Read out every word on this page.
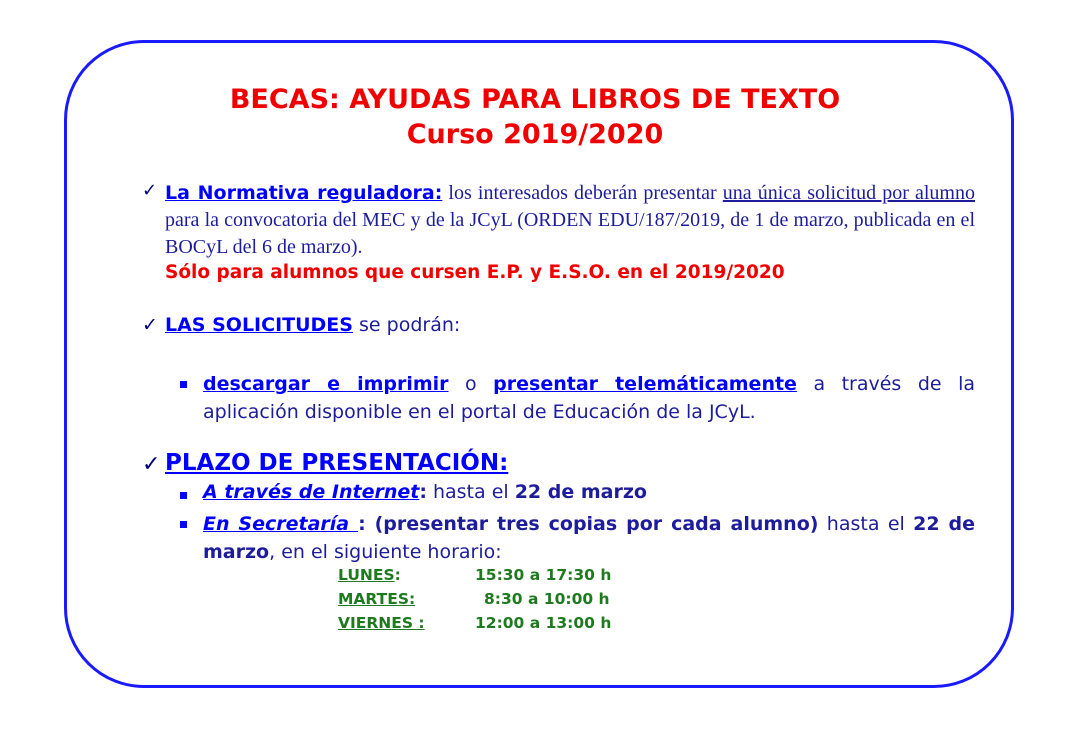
BECAS: AYUDAS PARA LIBROS DE TEXTO
Curso 2019/2020
✓ La Normativa reguladora: los interesados deberán presentar una única solicitud por alumno para la convocatoria del MEC y de la JCyL (ORDEN EDU/187/2019, de 1 de marzo, publicada en el BOCyL del 6 de marzo).
Sólo para alumnos que cursen E.P. y E.S.O. en el 2019/2020
✓ LAS SOLICITUDES se podrán:
descargar e imprimir o presentar telemáticamente a través de la aplicación disponible en el portal de Educación de la JCyL.
✓ PLAZO DE PRESENTACIÓN:
A través de Internet: hasta el 22 de marzo
En Secretaría : (presentar tres copias por cada alumno) hasta el 22 de marzo, en el siguiente horario:
LUNES:	15:30 a 17:30 h
MARTES:	8:30 a 10:00 h
VIERNES :	12:00 a 13:00 h
